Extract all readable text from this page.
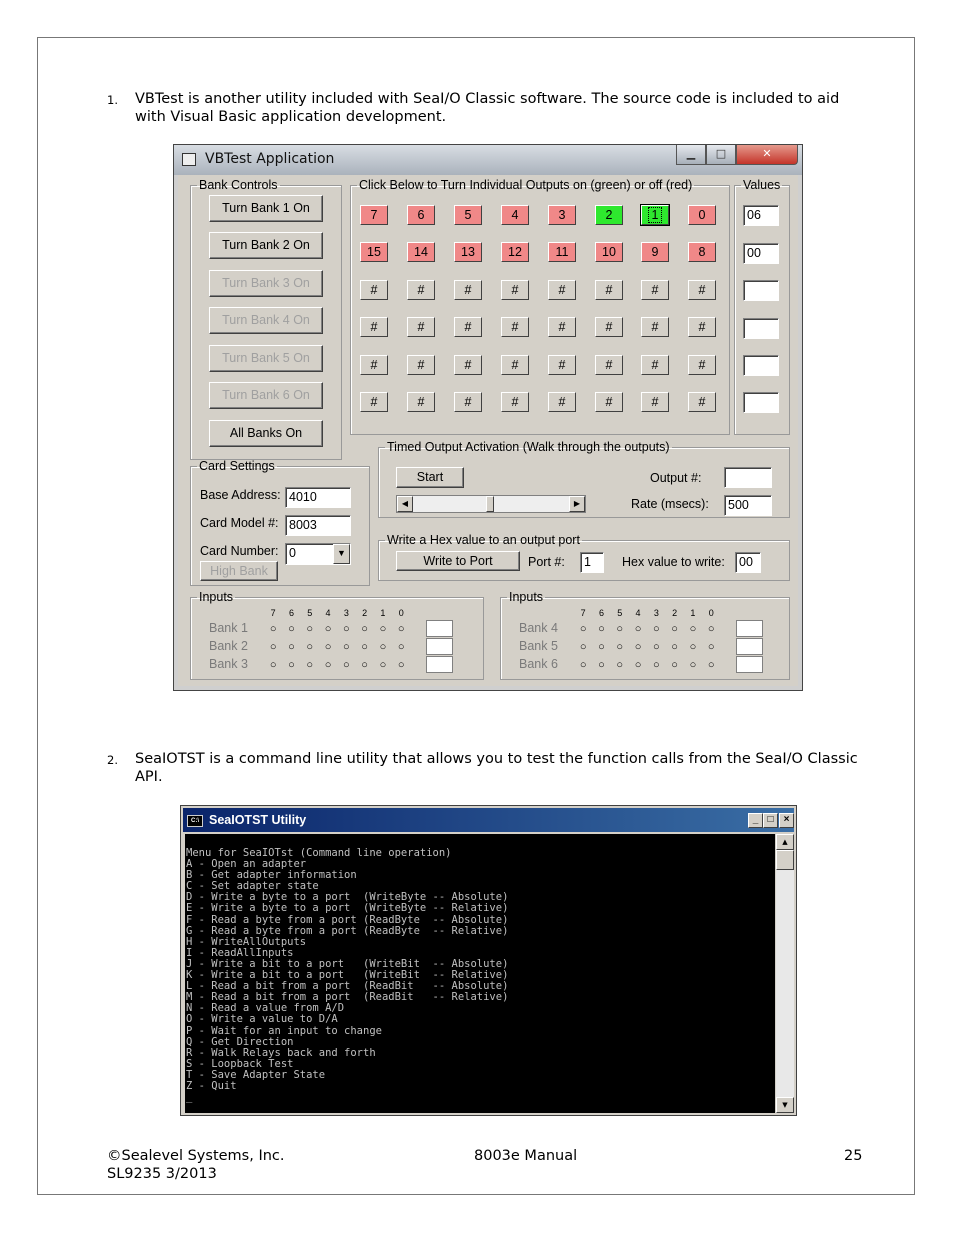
1. VBTest is another utility included with SeaI/O Classic software. The source code is included to aid
with Visual Basic application development.
VBTest Application	▁	□	✕
Bank Controls
Turn Bank 1 On
Turn Bank 2 On
Turn Bank 3 On
Turn Bank 4 On
Turn Bank 5 On
Turn Bank 6 On
All Banks On
Click Below to Turn Individual Outputs on (green) or off (red)
7	6	5	4	3	2	1	0
15	14	13	12	11	10	9	8
#	#	#	#	#	#	#	#
#	#	#	#	#	#	#	#
#	#	#	#	#	#	#	#
#	#	#	#	#	#	#	#
Values
06
00
Card Settings
Base Address: 4010
Card Model #: 8003
Card Number: 0	▼
High Bank
Timed Output Activation (Walk through the outputs)
Start	Output #:
◀	▶	Rate (msecs):	500
Write a Hex value to an output port
Write to Port	Port #:	1	Hex value to write:	00
Inputs
7 6 5 4 3 2 1 0
Bank 1	○ ○ ○ ○ ○ ○ ○ ○
Bank 2	○ ○ ○ ○ ○ ○ ○ ○
Bank 3	○ ○ ○ ○ ○ ○ ○ ○
Inputs
7 6 5 4 3 2 1 0
Bank 4	○ ○ ○ ○ ○ ○ ○ ○
Bank 5	○ ○ ○ ○ ○ ○ ○ ○
Bank 6	○ ○ ○ ○ ○ ○ ○ ○
2. SeaIOTST is a command line utility that allows you to test the function calls from the SeaI/O Classic
API.
C:\ SeaIOTST Utility	_ □	×
Menu for SeaIOTst (Command line operation)
A - Open an adapter
B - Get adapter information
C - Set adapter state
D - Write a byte to a port  (WriteByte -- Absolute)
E - Write a byte to a port  (WriteByte -- Relative)
F - Read a byte from a port (ReadByte  -- Absolute)
G - Read a byte from a port (ReadByte  -- Relative)
H - WriteAllOutputs
I - ReadAllInputs
J - Write a bit to a port   (WriteBit  -- Absolute)
K - Write a bit to a port   (WriteBit  -- Relative)
L - Read a bit from a port  (ReadBit   -- Absolute)
M - Read a bit from a port  (ReadBit   -- Relative)
N - Read a value from A/D
O - Write a value to D/A
P - Wait for an input to change
Q - Get Direction
R - Walk Relays back and forth
S - Loopback Test
T - Save Adapter State
Z - Quit
_
▲
▼
©Sealevel Systems, Inc.
SL9235 3/2013
8003e Manual	25
